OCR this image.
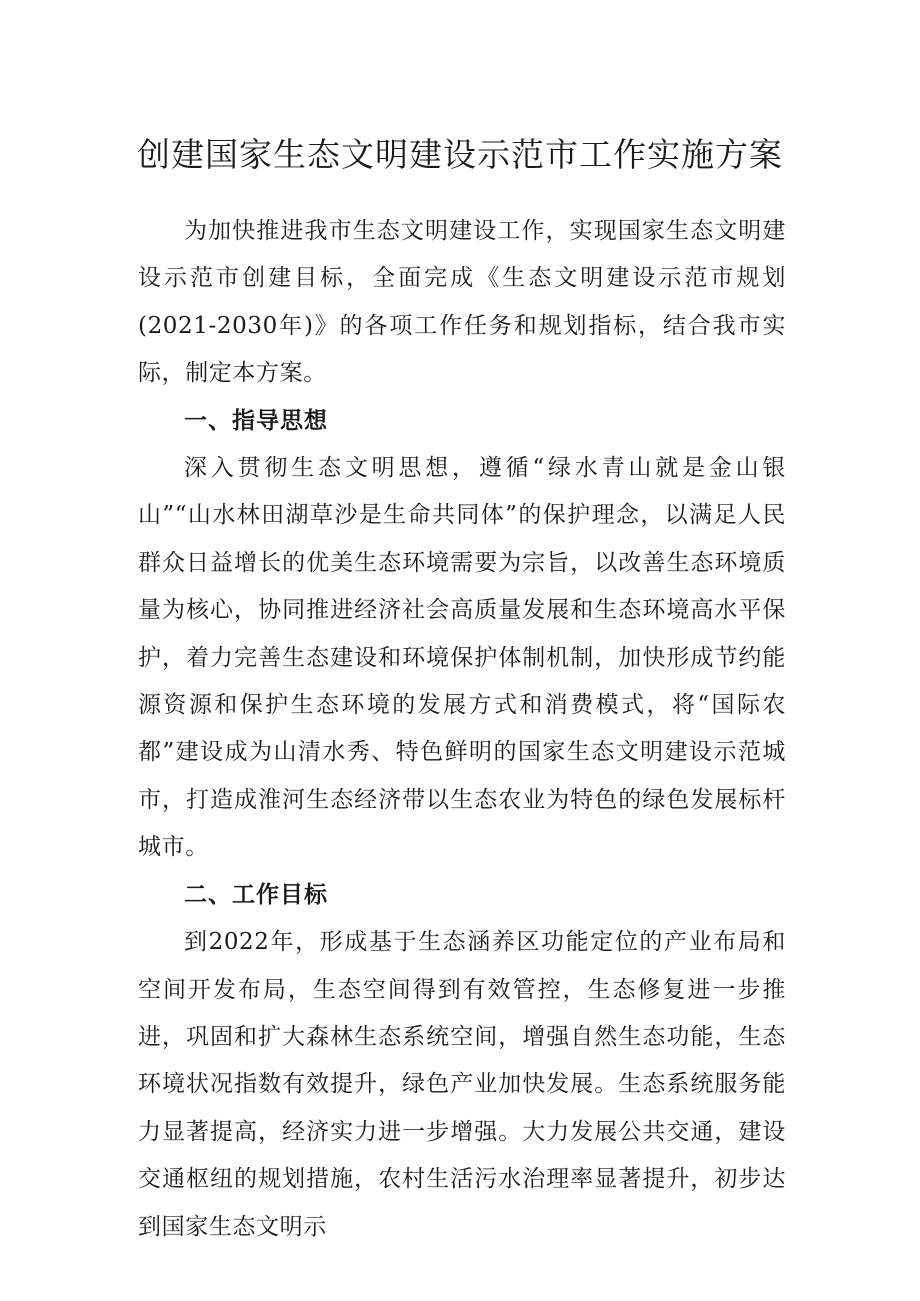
创建国家生态文明建设示范市工作实施方案

为加快推进我市生态文明建设工作，实现国家生态文明建设示范市创建目标，全面完成《生态文明建设示范市规划(2021-2030年)》的各项工作任务和规划指标，结合我市实际，制定本方案。

一、指导思想

深入贯彻生态文明思想，遵循“绿水青山就是金山银山”“山水林田湖草沙是生命共同体”的保护理念，以满足人民群众日益增长的优美生态环境需要为宗旨，以改善生态环境质量为核心，协同推进经济社会高质量发展和生态环境高水平保护，着力完善生态建设和环境保护体制机制，加快形成节约能源资源和保护生态环境的发展方式和消费模式，将“国际农都”建设成为山清水秀、特色鲜明的国家生态文明建设示范城市，打造成淮河生态经济带以生态农业为特色的绿色发展标杆城市。

二、工作目标

到2022年，形成基于生态涵养区功能定位的产业布局和空间开发布局，生态空间得到有效管控，生态修复进一步推进，巩固和扩大森林生态系统空间，增强自然生态功能，生态环境状况指数有效提升，绿色产业加快发展。生态系统服务能力显著提高，经济实力进一步增强。大力发展公共交通，建设交通枢纽的规划措施，农村生活污水治理率显著提升，初步达到国家生态文明示
